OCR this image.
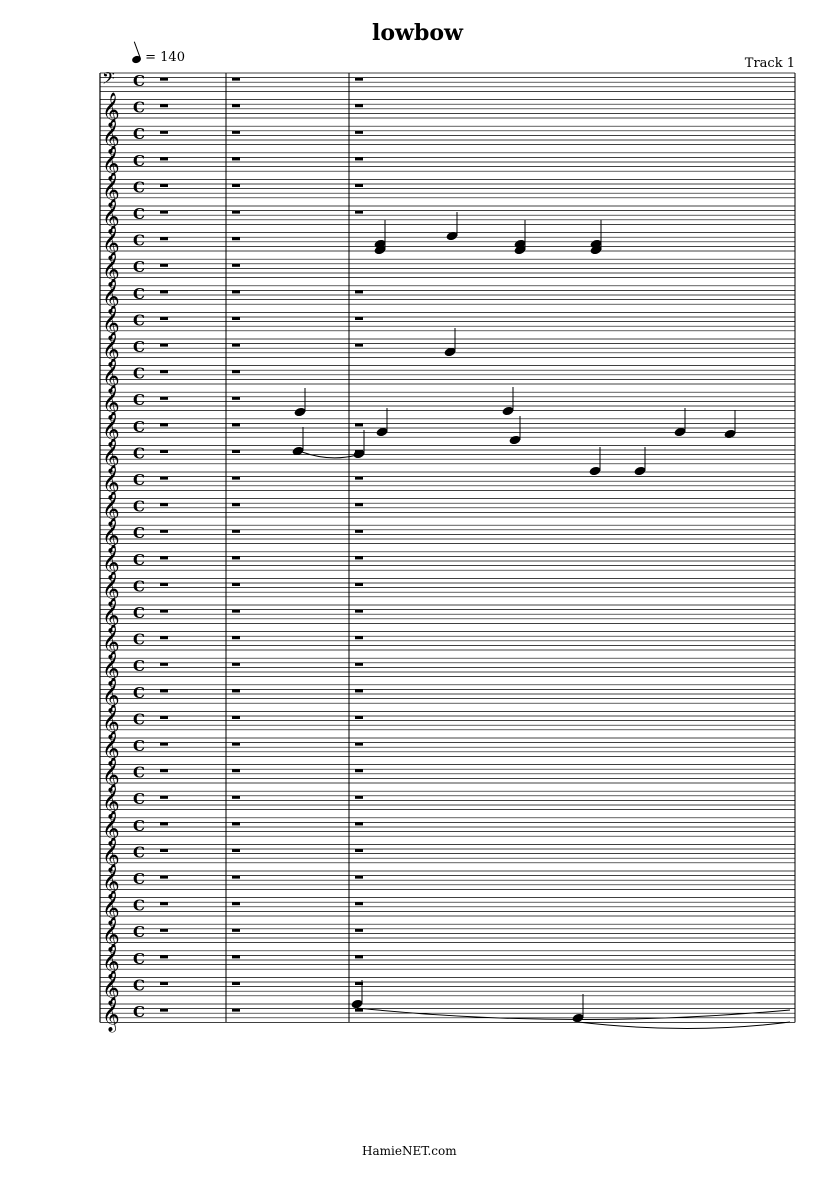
lowbow
= 140	Track 1
𝄢 C
𝄞 C
𝄞 C
𝄞 C
𝄞 C
𝄞 C
𝄞 C
𝄞 C
𝄞 C
𝄞 C
𝄞 C
𝄞 C
𝄞 C
𝄞 C
𝄞 C
𝄞 C
𝄞 C
𝄞 C
𝄞 C
𝄞 C
𝄞 C
𝄞 C
𝄞 C
𝄞 C
𝄞 C
𝄞 C
𝄞 C
𝄞 C
𝄞 C
𝄞 C
𝄞 C
𝄞 C
𝄞 C
𝄞 C
𝄞 C
𝄞 C
HamieNET.com
